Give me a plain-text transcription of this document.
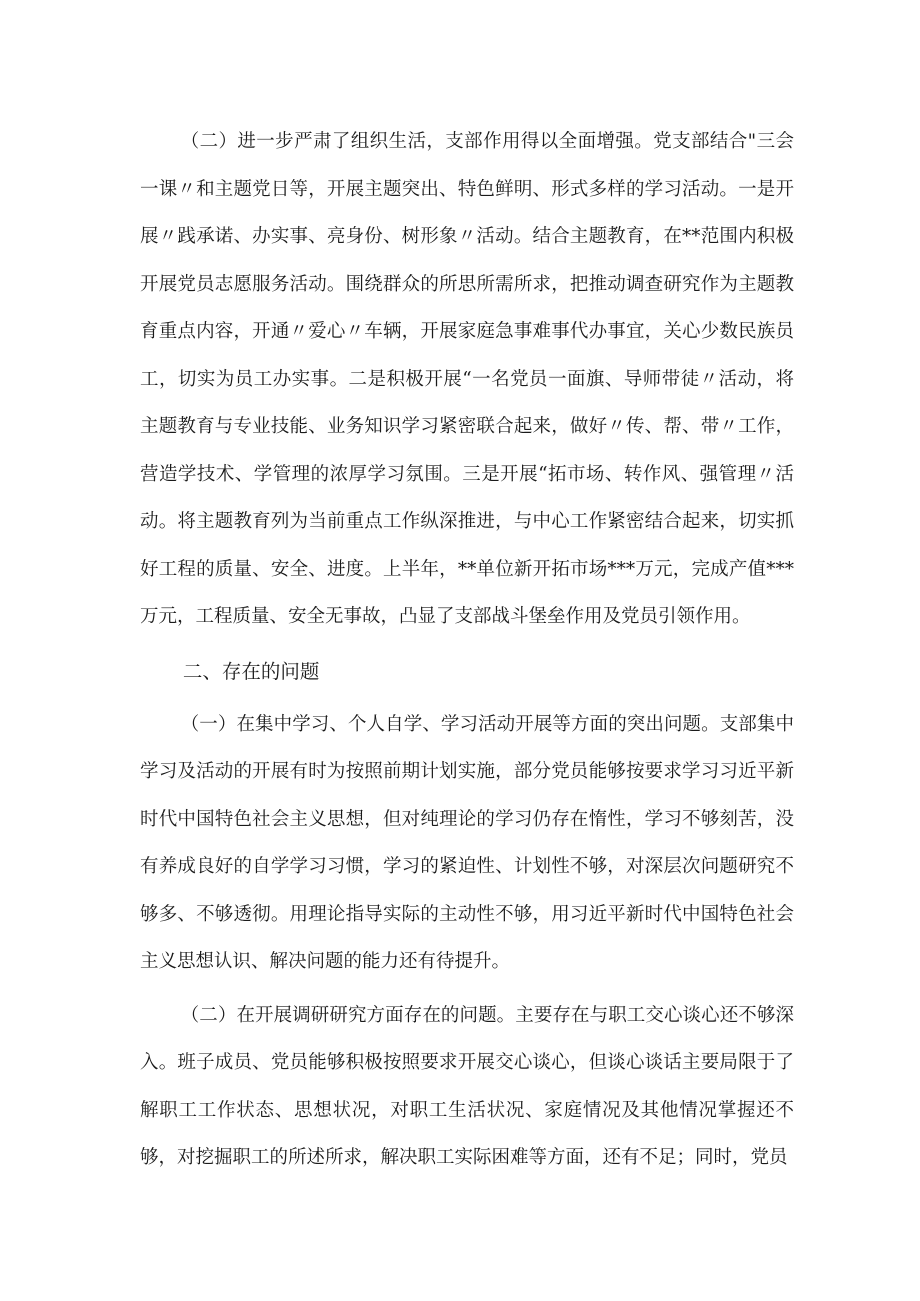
（二）进一步严肃了组织生活，支部作用得以全面增强。党支部结合"三会一课〃和主题党日等，开展主题突出、特色鲜明、形式多样的学习活动。一是开展〃践承诺、办实事、亮身份、树形象〃活动。结合主题教育，在**范围内积极开展党员志愿服务活动。围绕群众的所思所需所求，把推动调查研究作为主题教育重点内容，开通〃爱心〃车辆，开展家庭急事难事代办事宜，关心少数民族员工，切实为员工办实事。二是积极开展“一名党员一面旗、导师带徒〃活动，将主题教育与专业技能、业务知识学习紧密联合起来，做好〃传、帮、带〃工作，营造学技术、学管理的浓厚学习氛围。三是开展“拓市场、转作风、强管理〃活动。将主题教育列为当前重点工作纵深推进，与中心工作紧密结合起来，切实抓好工程的质量、安全、进度。上半年，**单位新开拓市场***万元，完成产值***万元，工程质量、安全无事故，凸显了支部战斗堡垒作用及党员引领作用。

二、存在的问题

（一）在集中学习、个人自学、学习活动开展等方面的突出问题。支部集中学习及活动的开展有时为按照前期计划实施，部分党员能够按要求学习习近平新时代中国特色社会主义思想，但对纯理论的学习仍存在惰性，学习不够刻苦，没有养成良好的自学学习习惯，学习的紧迫性、计划性不够，对深层次问题研究不够多、不够透彻。用理论指导实际的主动性不够，用习近平新时代中国特色社会主义思想认识、解决问题的能力还有待提升。

（二）在开展调研研究方面存在的问题。主要存在与职工交心谈心还不够深入。班子成员、党员能够积极按照要求开展交心谈心，但谈心谈话主要局限于了解职工工作状态、思想状况，对职工生活状况、家庭情况及其他情况掌握还不够，对挖掘职工的所述所求，解决职工实际困难等方面，还有不足；同时，党员
